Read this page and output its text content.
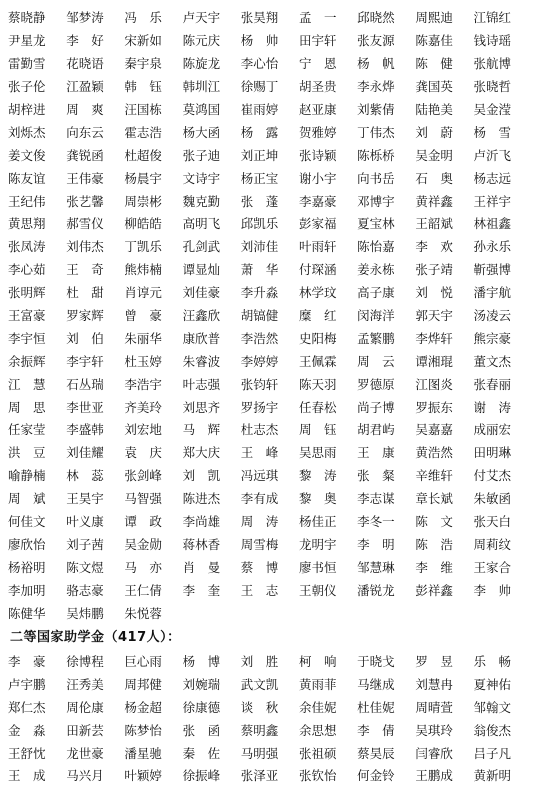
蔡晓静	邹梦涛	冯　乐	卢天宇	张昊翔	孟　一	邱晓然	周熙迪	江锦红
尹星龙	李　好	宋新如	陈元庆	杨　帅	田宇轩	张友源	陈嘉佳	钱诗瑶
雷勤雪	花晓语	秦宇泉	陈旋龙	李心怡	宁　恩	杨　帆	陈　健	张航博
张子伦	江盈颖	韩　钰	韩圳江	徐赐丁	胡圣贵	李永烨	龚国英	张晓哲
胡梓进	周　爽	汪国栋	莫鸿国	崔雨婷	赵亚康	刘紫倩	陆艳美	吴金滢
刘烁杰	向东云	霍志浩	杨大函	杨　露	贺雅婷	丁伟杰	刘　蔚	杨　雪
姜文俊	龚锐函	杜超俊	张子迪	刘正坤	张诗颖	陈栎桥	吴金明	卢沂飞
陈友谊	王伟豪	杨晨宇	文诗宇	杨正宝	谢小宇	向书岳	石　奥	杨志远
王纪伟	张艺馨	周崇彬	魏克勤	张　蓬	李嘉豪	邓博宇	黄祥鑫	王祥宇
黄思翔	郝雪仪	柳皓皓	高明飞	邱凯乐	彭家福	夏宝林	王韶斌	林祖鑫
张凤涛	刘伟杰	丁凯乐	孔剑武	刘沛佳	叶雨轩	陈怡嘉	李　欢	孙永乐
李心茹	王　奇	熊炜楠	谭显灿	萧　华	付琛涵	姜永栋	张子靖	靳强博
张明辉	杜　甜	肖谆元	刘佳豪	李升淼	林学玟	高子康	刘　悦	潘宇航
王富豪	罗家辉	曾　豪	汪鑫欣	胡镐健	糜　红	闵海洋	郭天宇	汤凌云
李宇恒	刘　伯	朱丽华	康欣普	李浩然	史阳梅	孟繁鹏	李烨轩	熊宗豪
余振辉	李宇轩	杜玉婷	朱睿波	李婷婷	王佩霖	周　云	谭湘琨	董文杰
江　慧	石丛瑞	李浩宇	叶志强	张钧轩	陈天羽	罗德原	江图炎	张春丽
周　思	李世亚	齐美玲	刘思齐	罗扬宇	任春松	尚子博	罗振东	谢　涛
任家莹	李盛韩	刘宏地	马　辉	杜志杰	周　钰	胡君屿	吴嘉嘉	成丽宏
洪　豆	刘佳耀	袁　庆	郑大庆	王　峰	吴思雨	王　康	黄浩然	田明琳
喻静楠	林　蕊	张剑峰	刘　凯	冯远琪	黎　涛	张　粲	辛维轩	付艾杰
周　斌	王昊宇	马智强	陈进杰	李有成	黎　奥	李志谋	章长斌	朱敏函
何佳文	叶义康	谭　政	李尚雄	周　涛	杨佳正	李冬一	陈　文	张天白
廖欣怡	刘子茜	吴金勋	蒋林香	周雪梅	龙明宇	李　明	陈　浩	周莉纹
杨裕明	陈文煜	马　亦	肖　曼	蔡　博	廖书恒	邹慧琳	李　维	王家合
李加明	骆志豪	王仁倩	李　奎	王　志	王朝仪	潘锐龙	彭祥鑫	李　帅
陈健华	吴炜鹏	朱悦蓉
二等国家助学金（417人）：
李　豪	徐博程	巨心雨	杨　博	刘　胜	柯　响	于晓戈	罗　昱	乐　畅
卢宇鹏	汪秀美	周邦健	刘婉瑞	武文凯	黄雨菲	马继成	刘慧冉	夏神佑
郑仁杰	周伦康	杨金超	徐康德	谈　秋	余佳妮	杜佳妮	周晴萱	邹翰文
金　淼	田新芸	陈梦怡	张　函	蔡明鑫	余思想	李　倩	吴琪玲	翁俊杰
王舒忱	龙世豪	潘星驰	秦　佐	马明强	张祖硕	蔡昊辰	闫睿欣	吕子凡
王　成	马兴月	叶颖婷	徐振峰	张泽亚	张钦怡	何金铃	王鹏成	黄新明
